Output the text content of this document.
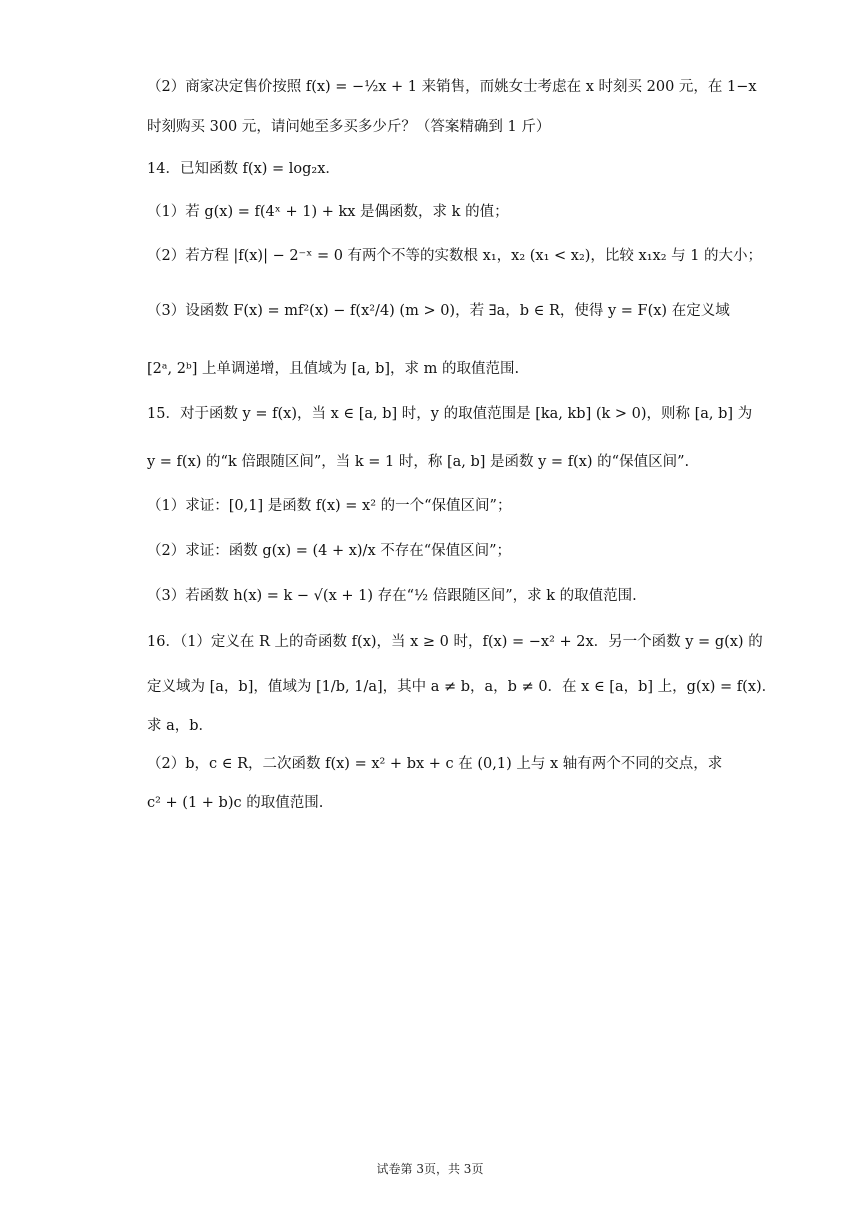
（2）商家决定售价按照 f(x) = −½x + 1 来销售，而姚女士考虑在 x 时刻买 200 元，在 1−x
时刻购买 300 元，请问她至多买多少斤？（答案精确到 1 斤）
14．已知函数 f(x) = log₂x．
（1）若 g(x) = f(4ˣ + 1) + kx 是偶函数，求 k 的值；
（2）若方程 |f(x)| − 2⁻ˣ = 0 有两个不等的实数根 x₁，x₂ (x₁ < x₂)，比较 x₁x₂ 与 1 的大小；
（3）设函数 F(x) = mf²(x) − f(x²/4) (m > 0)，若 ∃a，b ∈ R，使得 y = F(x) 在定义域
[2ᵃ, 2ᵇ] 上单调递增，且值域为 [a, b]，求 m 的取值范围.
15．对于函数 y = f(x)，当 x ∈ [a, b] 时，y 的取值范围是 [ka, kb] (k > 0)，则称 [a, b] 为
y = f(x) 的“k 倍跟随区间”，当 k = 1 时，称 [a, b] 是函数 y = f(x) 的“保值区间”.
（1）求证：[0,1] 是函数 f(x) = x² 的一个“保值区间”；
（2）求证：函数 g(x) = (4 + x)/x 不存在“保值区间”；
（3）若函数 h(x) = k − √(x + 1) 存在“½ 倍跟随区间”，求 k 的取值范围.
16．（1）定义在 R 上的奇函数 f(x)，当 x ≥ 0 时，f(x) = −x² + 2x．另一个函数 y = g(x) 的
定义域为 [a，b]，值域为 [1/b, 1/a]，其中 a ≠ b，a，b ≠ 0．在 x ∈ [a，b] 上，g(x) = f(x)．
求 a，b．
（2）b，c ∈ R，二次函数 f(x) = x² + bx + c 在 (0,1) 上与 x 轴有两个不同的交点，求
c² + (1 + b)c 的取值范围.
试卷第 3页，共 3页
